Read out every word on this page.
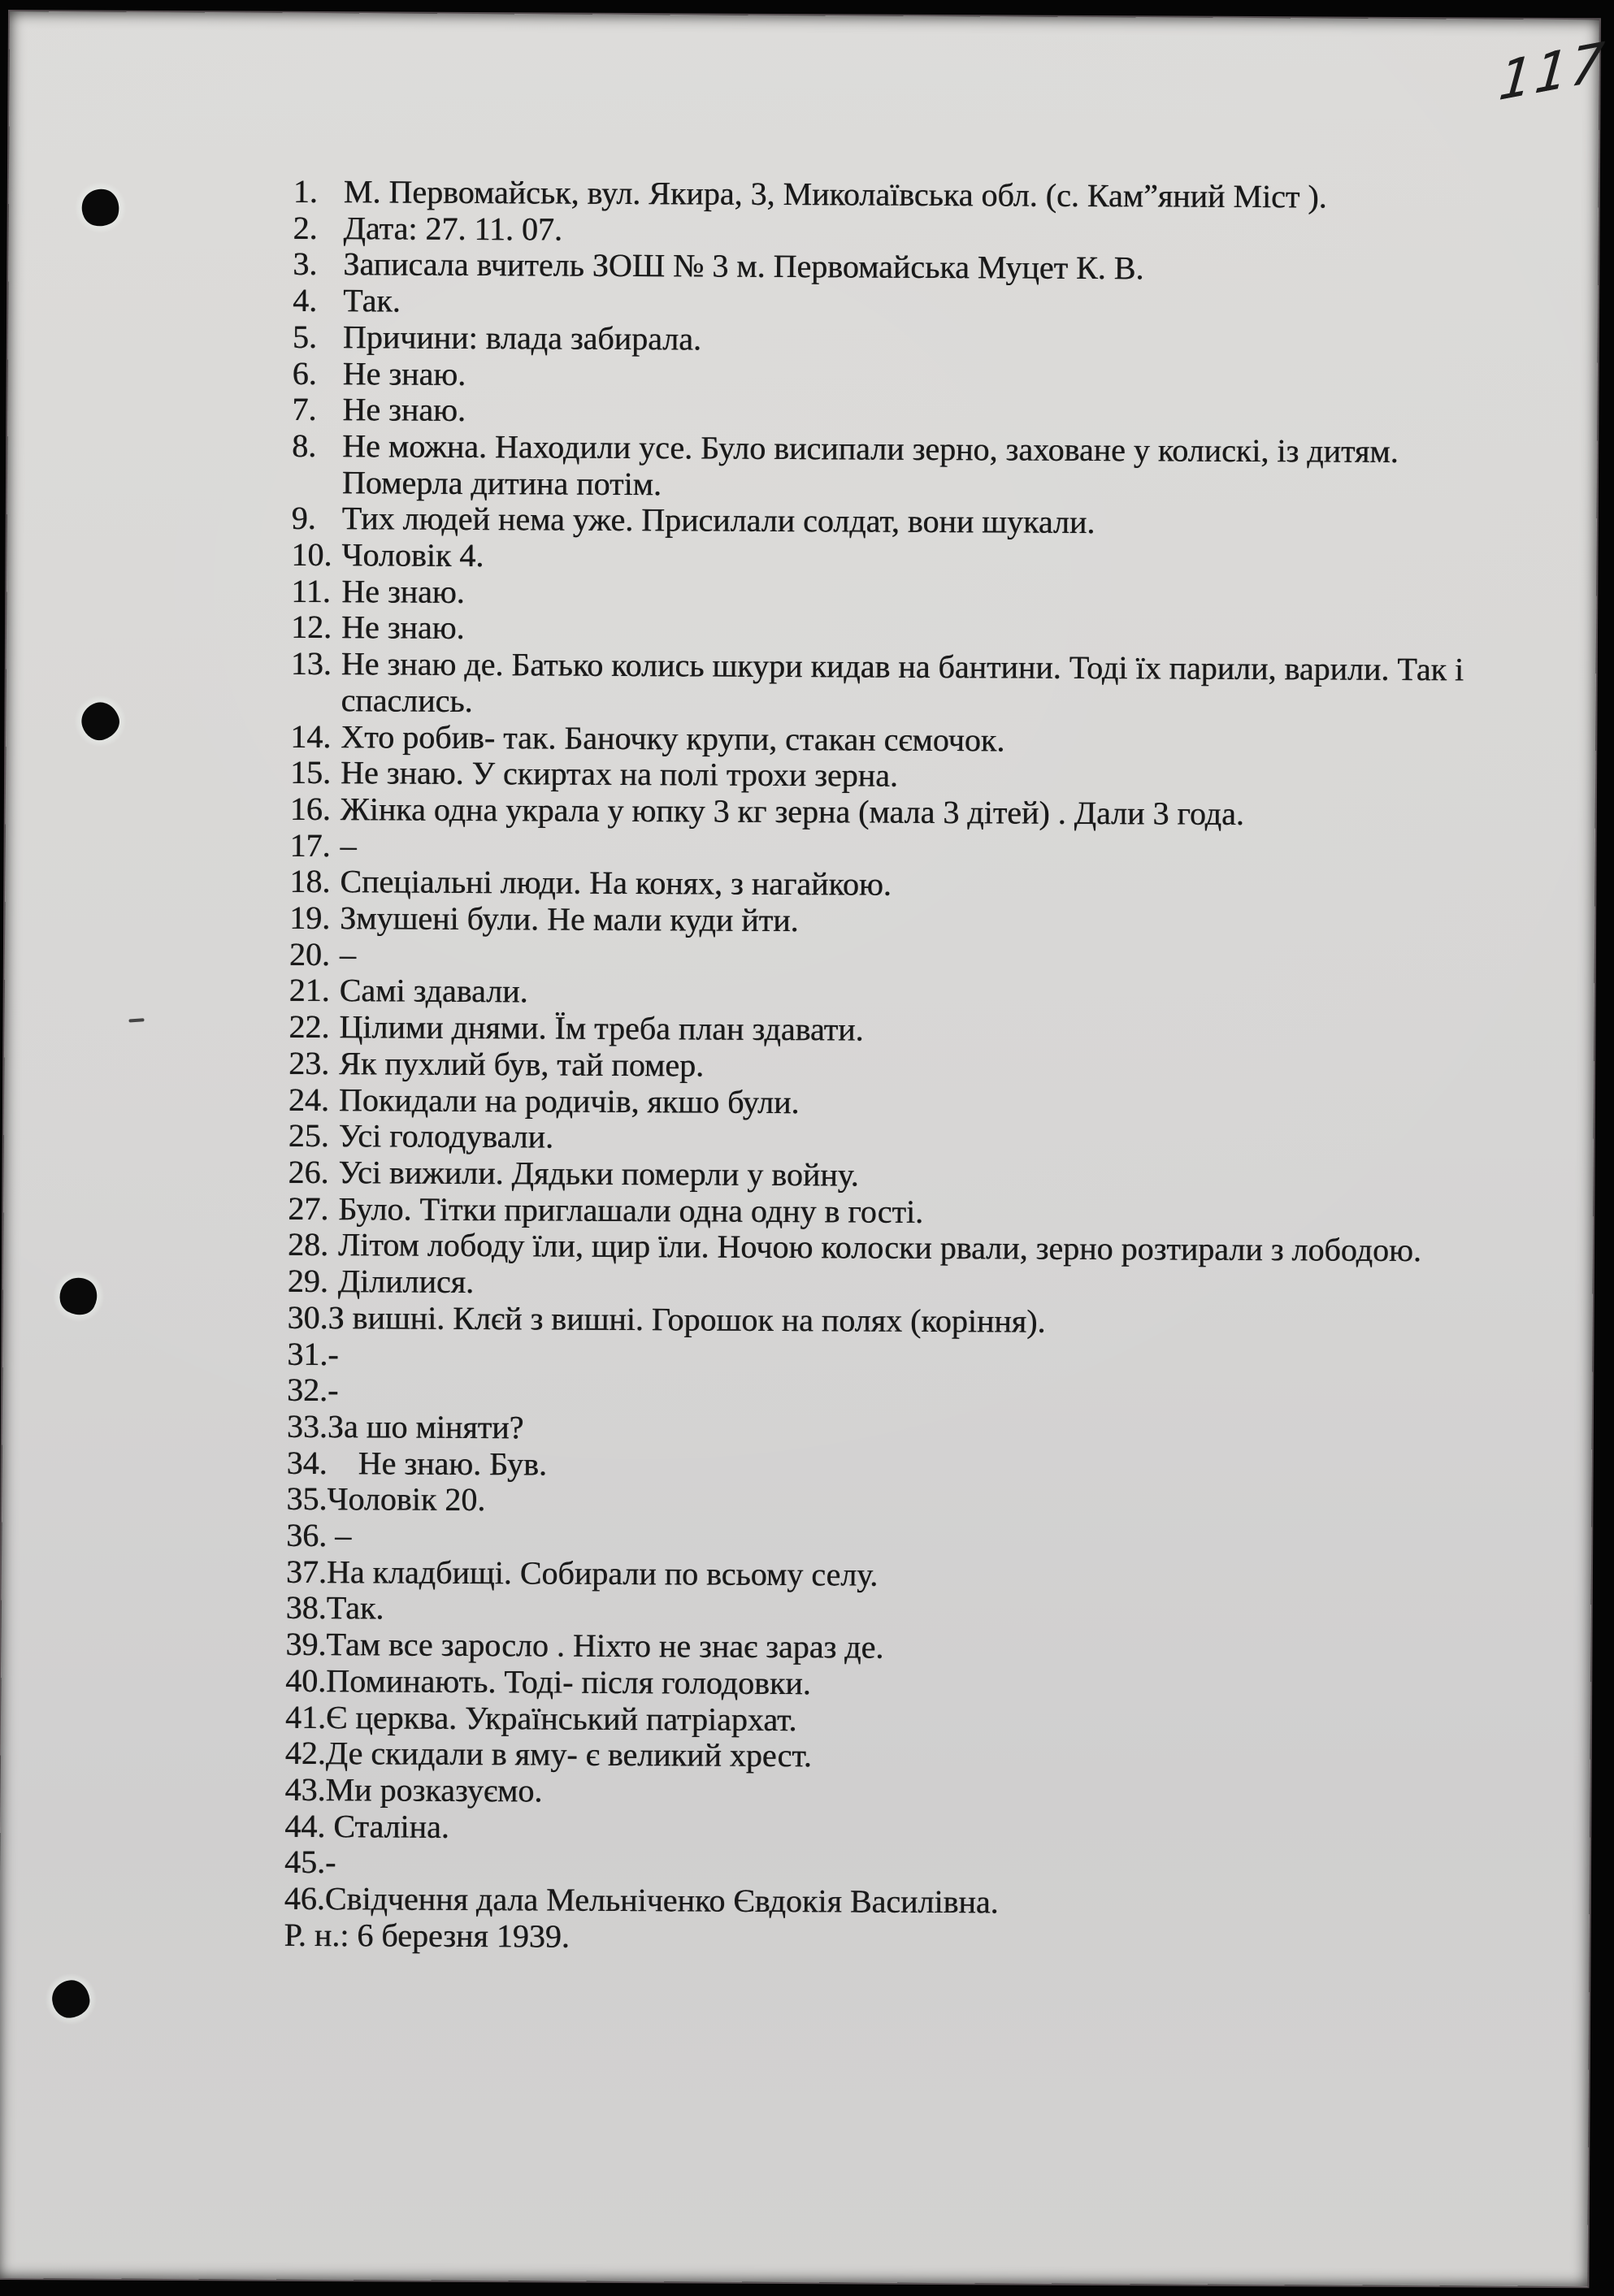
117
1. М. Первомайськ, вул. Якира, 3, Миколаївська обл. (с. Кам”яний Міст ).
2. Дата: 27. 11. 07.
3. Записала вчитель ЗОШ № 3 м. Первомайська Муцет К. В.
4. Так.
5. Причини: влада забирала.
6. Не знаю.
7. Не знаю.
8. Не можна. Находили усе. Було висипали зерно, заховане у колискі, із дитям.
Померла дитина потім.
9. Тих людей нема уже. Присилали солдат, вони шукали.
10. Чоловік 4.
11. Не знаю.
12. Не знаю.
13. Не знаю де. Батько колись шкури кидав на бантини. Тоді їх парили, варили. Так і
спаслись.
14. Хто робив- так. Баночку крупи, стакан сємочок.
15. Не знаю. У скиртах на полі трохи зерна.
16. Жінка одна украла у юпку 3 кг зерна (мала 3 дітей) . Дали 3 года.
17. –
18. Спеціальні люди. На конях, з нагайкою.
19. Змушені були. Не мали куди йти.
20. –
21. Самі здавали.
22. Цілими днями. Їм треба план здавати.
23. Як пухлий був, тай помер.
24. Покидали на родичів, якшо були.
25. Усі голодували.
26. Усі вижили. Дядьки померли у войну.
27. Було. Тітки приглашали одна одну в гості.
28. Літом лободу їли, щир їли. Ночою колоски рвали, зерно розтирали з лободою.
29. Ділилися.
30. З вишні. Клєй з вишні. Горошок на полях (коріння).
31. -
32. -
33. За шо міняти?
34. Не знаю. Був.
35. Чоловік 20.
36. –
37. На кладбищі. Собирали по всьому селу.
38. Так.
39. Там все заросло . Ніхто не знає зараз де.
40. Поминають. Тоді- після голодовки.
41. Є церква. Український патріархат.
42. Де скидали в яму- є великий хрест.
43. Ми розказуємо.
44. Сталіна.
45. -
46. Свідчення дала Мельніченко Євдокія Василівна.
Р. н.: 6 березня 1939.
